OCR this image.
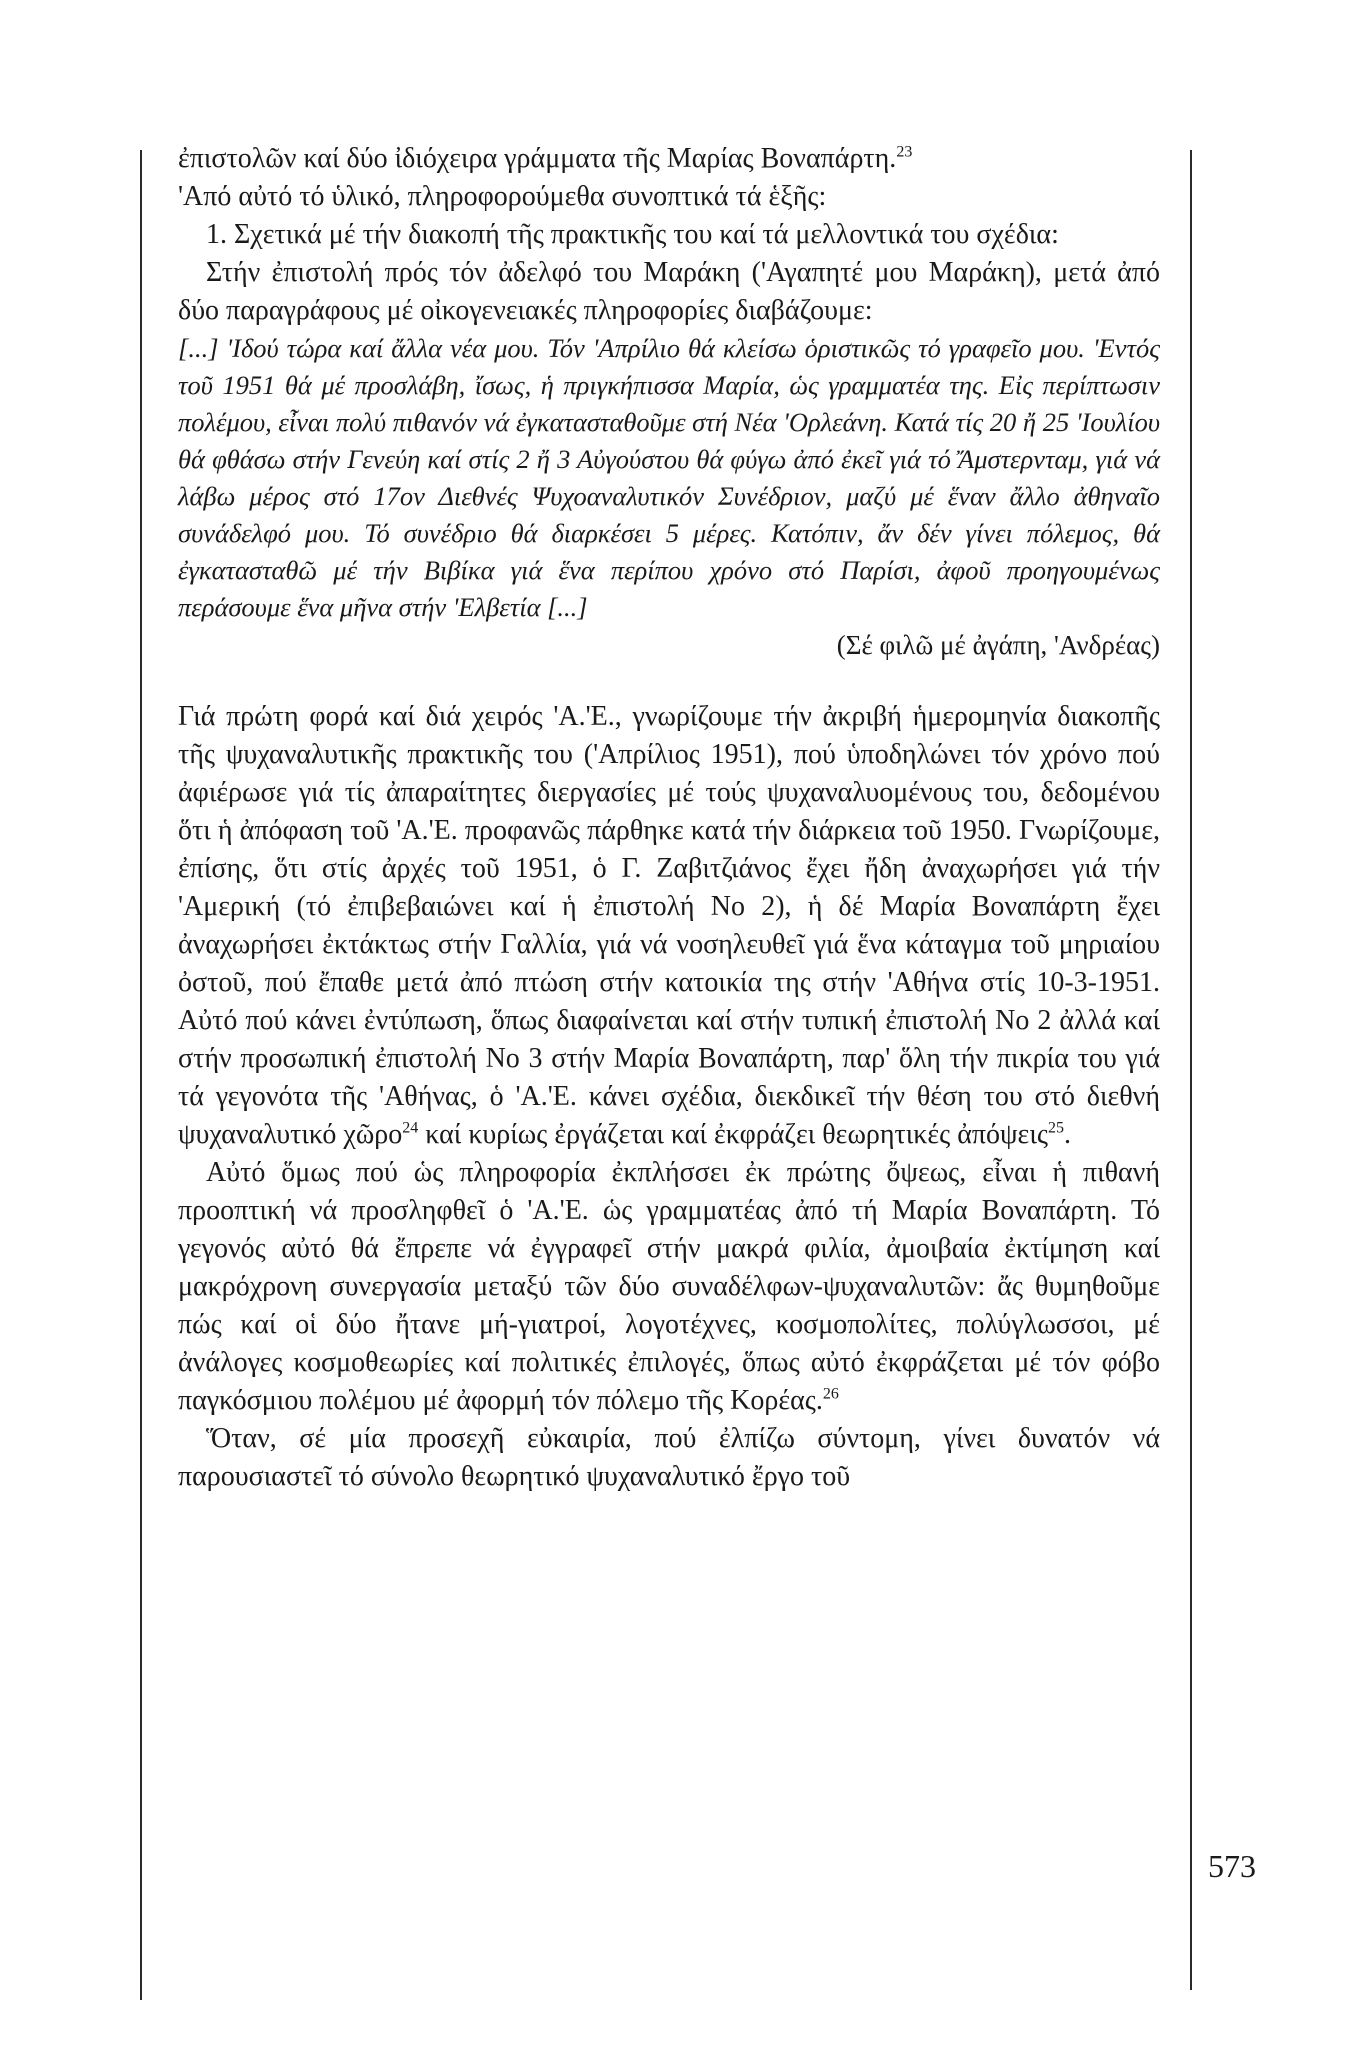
ἐπιστολῶν καί δύο ἰδιόχειρα γράμματα τῆς Μαρίας Βοναπάρτη.$^{23}$

'Από αὐτό τό ὑλικό, πληροφορούμεθα συνοπτικά τά ἑξῆς:

1. Σχετικά μέ τήν διακοπή τῆς πρακτικῆς του καί τά μελλοντικά του σχέδια:

Στήν ἐπιστολή πρός τόν ἀδελφό του Μαράκη ('Αγαπητέ μου Μαράκη), μετά ἀπό δύο παραγράφους μέ οἰκογενειακές πληροφορίες διαβάζουμε:

[...] 'Ιδού τώρα καί ἄλλα νέα μου. Τόν 'Απρίλιο θά κλείσω ὁριστικῶς τό γραφεῖο μου. 'Εντός τοῦ 1951 θά μέ προσλάβη, ἴσως, ἡ πριγκήπισσα Μαρία, ὡς γραμματέα της. Εἰς περίπτωσιν πολέμου, εἶναι πολύ πιθανόν νά ἐγκατασταθοῦμε στή Νέα 'Ορλεάνη. Κατά τίς 20 ἤ 25 'Ιουλίου θά φθάσω στήν Γενεύη καί στίς 2 ἤ 3 Αὐγούστου θά φύγω ἀπό ἐκεῖ γιά τό Ἄμστερνταμ, γιά νά λάβω μέρος στό 17ον Διεθνές Ψυχοαναλυτικόν Συνέδριον, μαζύ μέ ἕναν ἄλλο ἀθηναῖο συνάδελφό μου. Τό συνέδριο θά διαρκέσει 5 μέρες. Κατόπιν, ἄν δέν γίνει πόλεμος, θά ἐγκατασταθῶ μέ τήν Βιβίκα γιά ἕνα περίπου χρόνο στό Παρίσι, ἀφοῦ προηγουμένως περάσουμε ἕνα μῆνα στήν 'Ελβετία [...]

(Σέ φιλῶ μέ ἀγάπη, 'Ανδρέας)

Γιά πρώτη φορά καί διά χειρός 'Α.'Ε., γνωρίζουμε τήν ἀκριβή ἡμερομηνία διακοπῆς τῆς ψυχαναλυτικῆς πρακτικῆς του ('Απρίλιος 1951), πού ὑποδηλώνει τόν χρόνο πού ἀφιέρωσε γιά τίς ἀπαραίτητες διεργασίες μέ τούς ψυχαναλυομένους του, δεδομένου ὅτι ἡ ἀπόφαση τοῦ 'Α.'Ε. προφανῶς πάρθηκε κατά τήν διάρκεια τοῦ 1950. Γνωρίζουμε, ἐπίσης, ὅτι στίς ἀρχές τοῦ 1951, ὁ Γ. Ζαβιτζιάνος ἔχει ἤδη ἀναχωρήσει γιά τήν 'Αμερική (τό ἐπιβεβαιώνει καί ἡ ἐπιστολή Νο 2), ἡ δέ Μαρία Βοναπάρτη ἔχει ἀναχωρήσει ἐκτάκτως στήν Γαλλία, γιά νά νοσηλευθεῖ γιά ἕνα κάταγμα τοῦ μηριαίου ὀστοῦ, πού ἔπαθε μετά ἀπό πτώση στήν κατοικία της στήν 'Αθήνα στίς 10-3-1951. Αὐτό πού κάνει ἐντύπωση, ὅπως διαφαίνεται καί στήν τυπική ἐπιστολή Νο 2 ἀλλά καί στήν προσωπική ἐπιστολή Νο 3 στήν Μαρία Βοναπάρτη, παρ' ὅλη τήν πικρία του γιά τά γεγονότα τῆς 'Αθήνας, ὁ 'Α.'Ε. κάνει σχέδια, διεκδικεῖ τήν θέση του στό διεθνή ψυχαναλυτικό χῶρο$^{24}$ καί κυρίως ἐργάζεται καί ἐκφράζει θεωρητικές ἀπόψεις$^{25}$.

Αὐτό ὅμως πού ὡς πληροφορία ἐκπλήσσει ἐκ πρώτης ὄψεως, εἶναι ἡ πιθανή προοπτική νά προσληφθεῖ ὁ 'Α.'Ε. ὡς γραμματέας ἀπό τή Μαρία Βοναπάρτη. Τό γεγονός αὐτό θά ἔπρεπε νά ἐγγραφεῖ στήν μακρά φιλία, ἀμοιβαία ἐκτίμηση καί μακρόχρονη συνεργασία μεταξύ τῶν δύο συναδέλφων-ψυχαναλυτῶν: ἄς θυμηθοῦμε πώς καί οἱ δύο ἤτανε μή-γιατροί, λογοτέχνες, κοσμοπολίτες, πολύγλωσσοι, μέ ἀνάλογες κοσμοθεωρίες καί πολιτικές ἐπιλογές, ὅπως αὐτό ἐκφράζεται μέ τόν φόβο παγκόσμιου πολέμου μέ ἀφορμή τόν πόλεμο τῆς Κορέας.$^{26}$

Ὅταν, σέ μία προσεχῆ εὐκαιρία, πού ἐλπίζω σύντομη, γίνει δυνατόν νά παρουσιαστεῖ τό σύνολο θεωρητικό ψυχαναλυτικό ἔργο τοῦ

573
